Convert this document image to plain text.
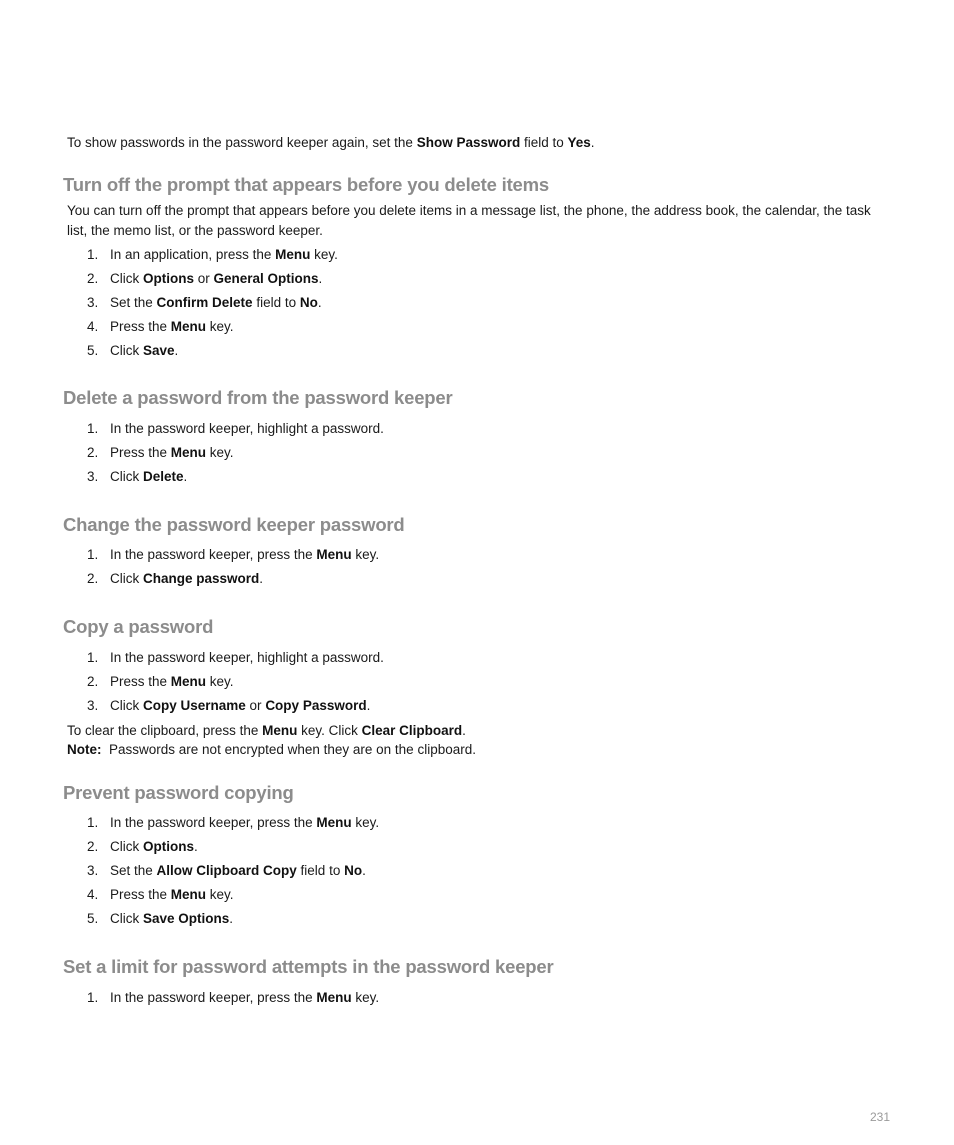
To show passwords in the password keeper again, set the Show Password field to Yes.

Turn off the prompt that appears before you delete items

You can turn off the prompt that appears before you delete items in a message list, the phone, the address book, the calendar, the task list, the memo list, or the password keeper.

1. In an application, press the Menu key.
2. Click Options or General Options.
3. Set the Confirm Delete field to No.
4. Press the Menu key.
5. Click Save.
Delete a password from the password keeper
1. In the password keeper, highlight a password.
2. Press the Menu key.
3. Click Delete.
Change the password keeper password
1. In the password keeper, press the Menu key.
2. Click Change password.
Copy a password
1. In the password keeper, highlight a password.
2. Press the Menu key.
3. Click Copy Username or Copy Password.

To clear the clipboard, press the Menu key. Click Clear Clipboard.

Note: Passwords are not encrypted when they are on the clipboard.

Prevent password copying
1. In the password keeper, press the Menu key.
2. Click Options.
3. Set the Allow Clipboard Copy field to No.
4. Press the Menu key.
5. Click Save Options.
Set a limit for password attempts in the password keeper
1. In the password keeper, press the Menu key.
231
